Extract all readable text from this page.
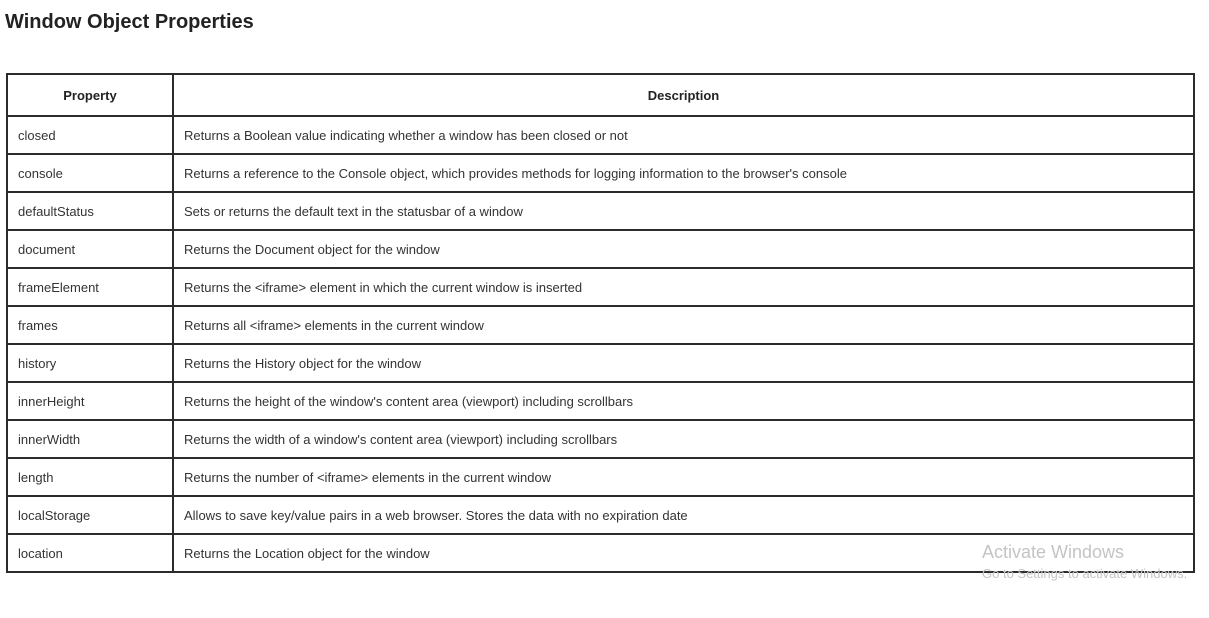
Window Object Properties
Property	Description
closed	Returns a Boolean value indicating whether a window has been closed or not
console	Returns a reference to the Console object, which provides methods for logging information to the browser's console
defaultStatus	Sets or returns the default text in the statusbar of a window
document	Returns the Document object for the window
frameElement	Returns the <iframe> element in which the current window is inserted
frames	Returns all <iframe> elements in the current window
history	Returns the History object for the window
innerHeight	Returns the height of the window's content area (viewport) including scrollbars
innerWidth	Returns the width of a window's content area (viewport) including scrollbars
length	Returns the number of <iframe> elements in the current window
localStorage	Allows to save key/value pairs in a web browser. Stores the data with no expiration date
location	Returns the Location object for the window	Activate Windows
Go to Settings to activate Windows.
